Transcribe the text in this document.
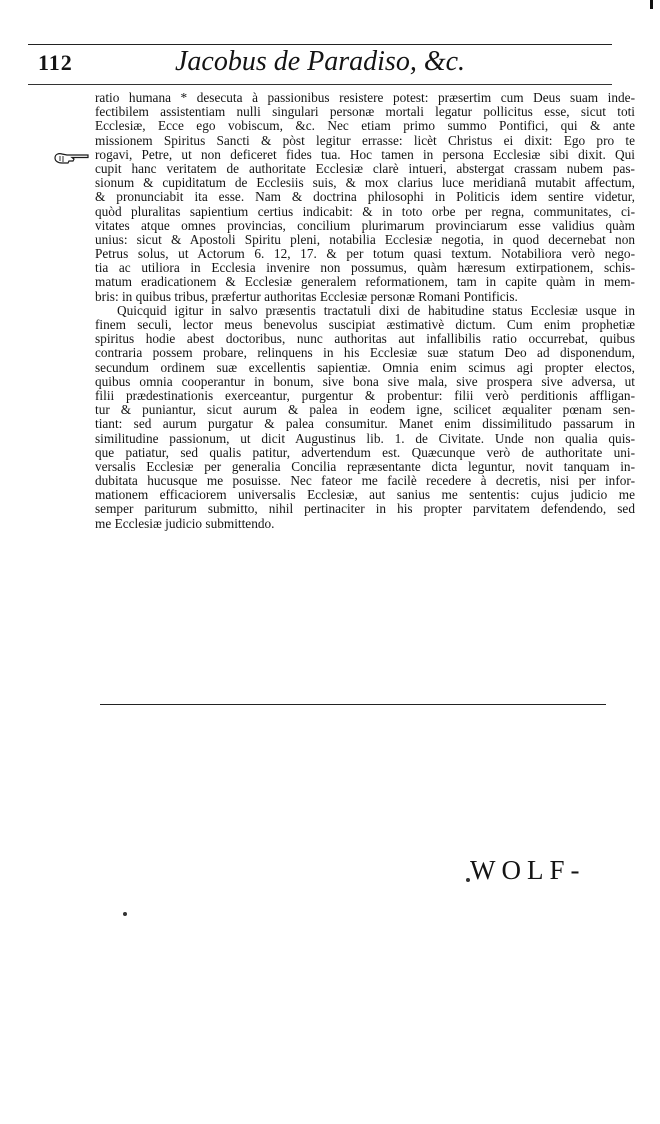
112	Jacobus de Paradiso, &c.
ratio humana * desecuta à passionibus resistere potest: præsertim cum Deus suam inde-
fectibilem assistentiam nulli singulari personæ mortali legatur pollicitus esse, sicut toti
Ecclesiæ, Ecce ego vobiscum, &c. Nec etiam primo summo Pontifici, qui & ante
missionem Spiritus Sancti & pòst legitur errasse: licèt Christus ei dixit: Ego pro te
rogavi, Petre, ut non deficeret fides tua. Hoc tamen in persona Ecclesiæ sibi dixit. Qui
cupit hanc veritatem de authoritate Ecclesiæ clarè intueri, abstergat crassam nubem pas-
sionum & cupiditatum de Ecclesiis suis, & mox clarius luce meridianâ mutabit affectum,
& pronunciabit ita esse. Nam & doctrina philosophi in Politicis idem sentire videtur,
quòd pluralitas sapientium certius indicabit: & in toto orbe per regna, communitates, ci-
vitates atque omnes provincias, concilium plurimarum provinciarum esse validius quàm
unius: sicut & Apostoli Spiritu pleni, notabilia Ecclesiæ negotia, in quod decernebat non
Petrus solus, ut Actorum 6. 12, 17. & per totum quasi textum. Notabiliora verò nego-
tia ac utiliora in Ecclesia invenire non possumus, quàm hæresum extirpationem, schis-
matum eradicationem & Ecclesiæ generalem reformationem, tam in capite quàm in mem-
bris: in quibus tribus, præfertur authoritas Ecclesiæ personæ Romani Pontificis.
Quicquid igitur in salvo præsentis tractatuli dixi de habitudine status Ecclesiæ usque in
finem seculi, lector meus benevolus suscipiat æstimativè dictum. Cum enim prophetiæ
spiritus hodie abest doctoribus, nunc authoritas aut infallibilis ratio occurrebat, quibus
contraria possem probare, relinquens in his Ecclesiæ suæ statum Deo ad disponendum,
secundum ordinem suæ excellentis sapientiæ. Omnia enim scimus agi propter electos,
quibus omnia cooperantur in bonum, sive bona sive mala, sive prospera sive adversa, ut
filii prædestinationis exerceantur, purgentur & probentur: filii verò perditionis affligan-
tur & puniantur, sicut aurum & palea in eodem igne, scilicet æqualiter pœnam sen-
tiant: sed aurum purgatur & palea consumitur. Manet enim dissimilitudo passarum in
similitudine passionum, ut dicit Augustinus lib. 1. de Civitate. Unde non qualia quis-
que patiatur, sed qualis patitur, advertendum est. Quæcunque verò de authoritate uni-
versalis Ecclesiæ per generalia Concilia repræsentante dicta leguntur, novit tanquam in-
dubitata hucusque me posuisse. Nec fateor me facilè recedere à decretis, nisi per infor-
mationem efficaciorem universalis Ecclesiæ, aut sanius me sententis: cujus judicio me
semper pariturum submitto, nihil pertinaciter in his propter parvitatem defendendo, sed
me Ecclesiæ judicio submittendo.
WOLF-
